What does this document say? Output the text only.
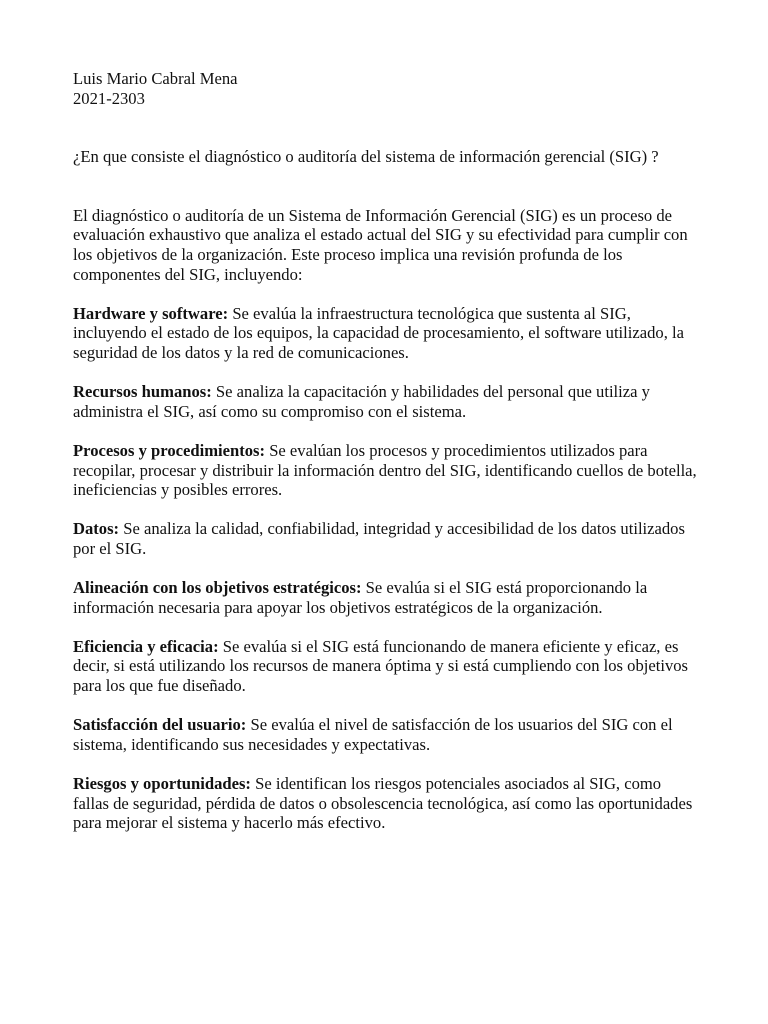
Luis Mario Cabral Mena
2021-2303

¿En que consiste el diagnóstico o auditoría del sistema de información gerencial (SIG) ?

El diagnóstico o auditoría de un Sistema de Información Gerencial (SIG) es un proceso de evaluación exhaustivo que analiza el estado actual del SIG y su efectividad para cumplir con los objetivos de la organización. Este proceso implica una revisión profunda de los componentes del SIG, incluyendo:

Hardware y software: Se evalúa la infraestructura tecnológica que sustenta al SIG, incluyendo el estado de los equipos, la capacidad de procesamiento, el software utilizado, la seguridad de los datos y la red de comunicaciones.

Recursos humanos: Se analiza la capacitación y habilidades del personal que utiliza y administra el SIG, así como su compromiso con el sistema.

Procesos y procedimientos: Se evalúan los procesos y procedimientos utilizados para recopilar, procesar y distribuir la información dentro del SIG, identificando cuellos de botella, ineficiencias y posibles errores.

Datos: Se analiza la calidad, confiabilidad, integridad y accesibilidad de los datos utilizados por el SIG.

Alineación con los objetivos estratégicos: Se evalúa si el SIG está proporcionando la información necesaria para apoyar los objetivos estratégicos de la organización.

Eficiencia y eficacia: Se evalúa si el SIG está funcionando de manera eficiente y eficaz, es decir, si está utilizando los recursos de manera óptima y si está cumpliendo con los objetivos para los que fue diseñado.

Satisfacción del usuario: Se evalúa el nivel de satisfacción de los usuarios del SIG con el sistema, identificando sus necesidades y expectativas.

Riesgos y oportunidades: Se identifican los riesgos potenciales asociados al SIG, como fallas de seguridad, pérdida de datos o obsolescencia tecnológica, así como las oportunidades para mejorar el sistema y hacerlo más efectivo.
